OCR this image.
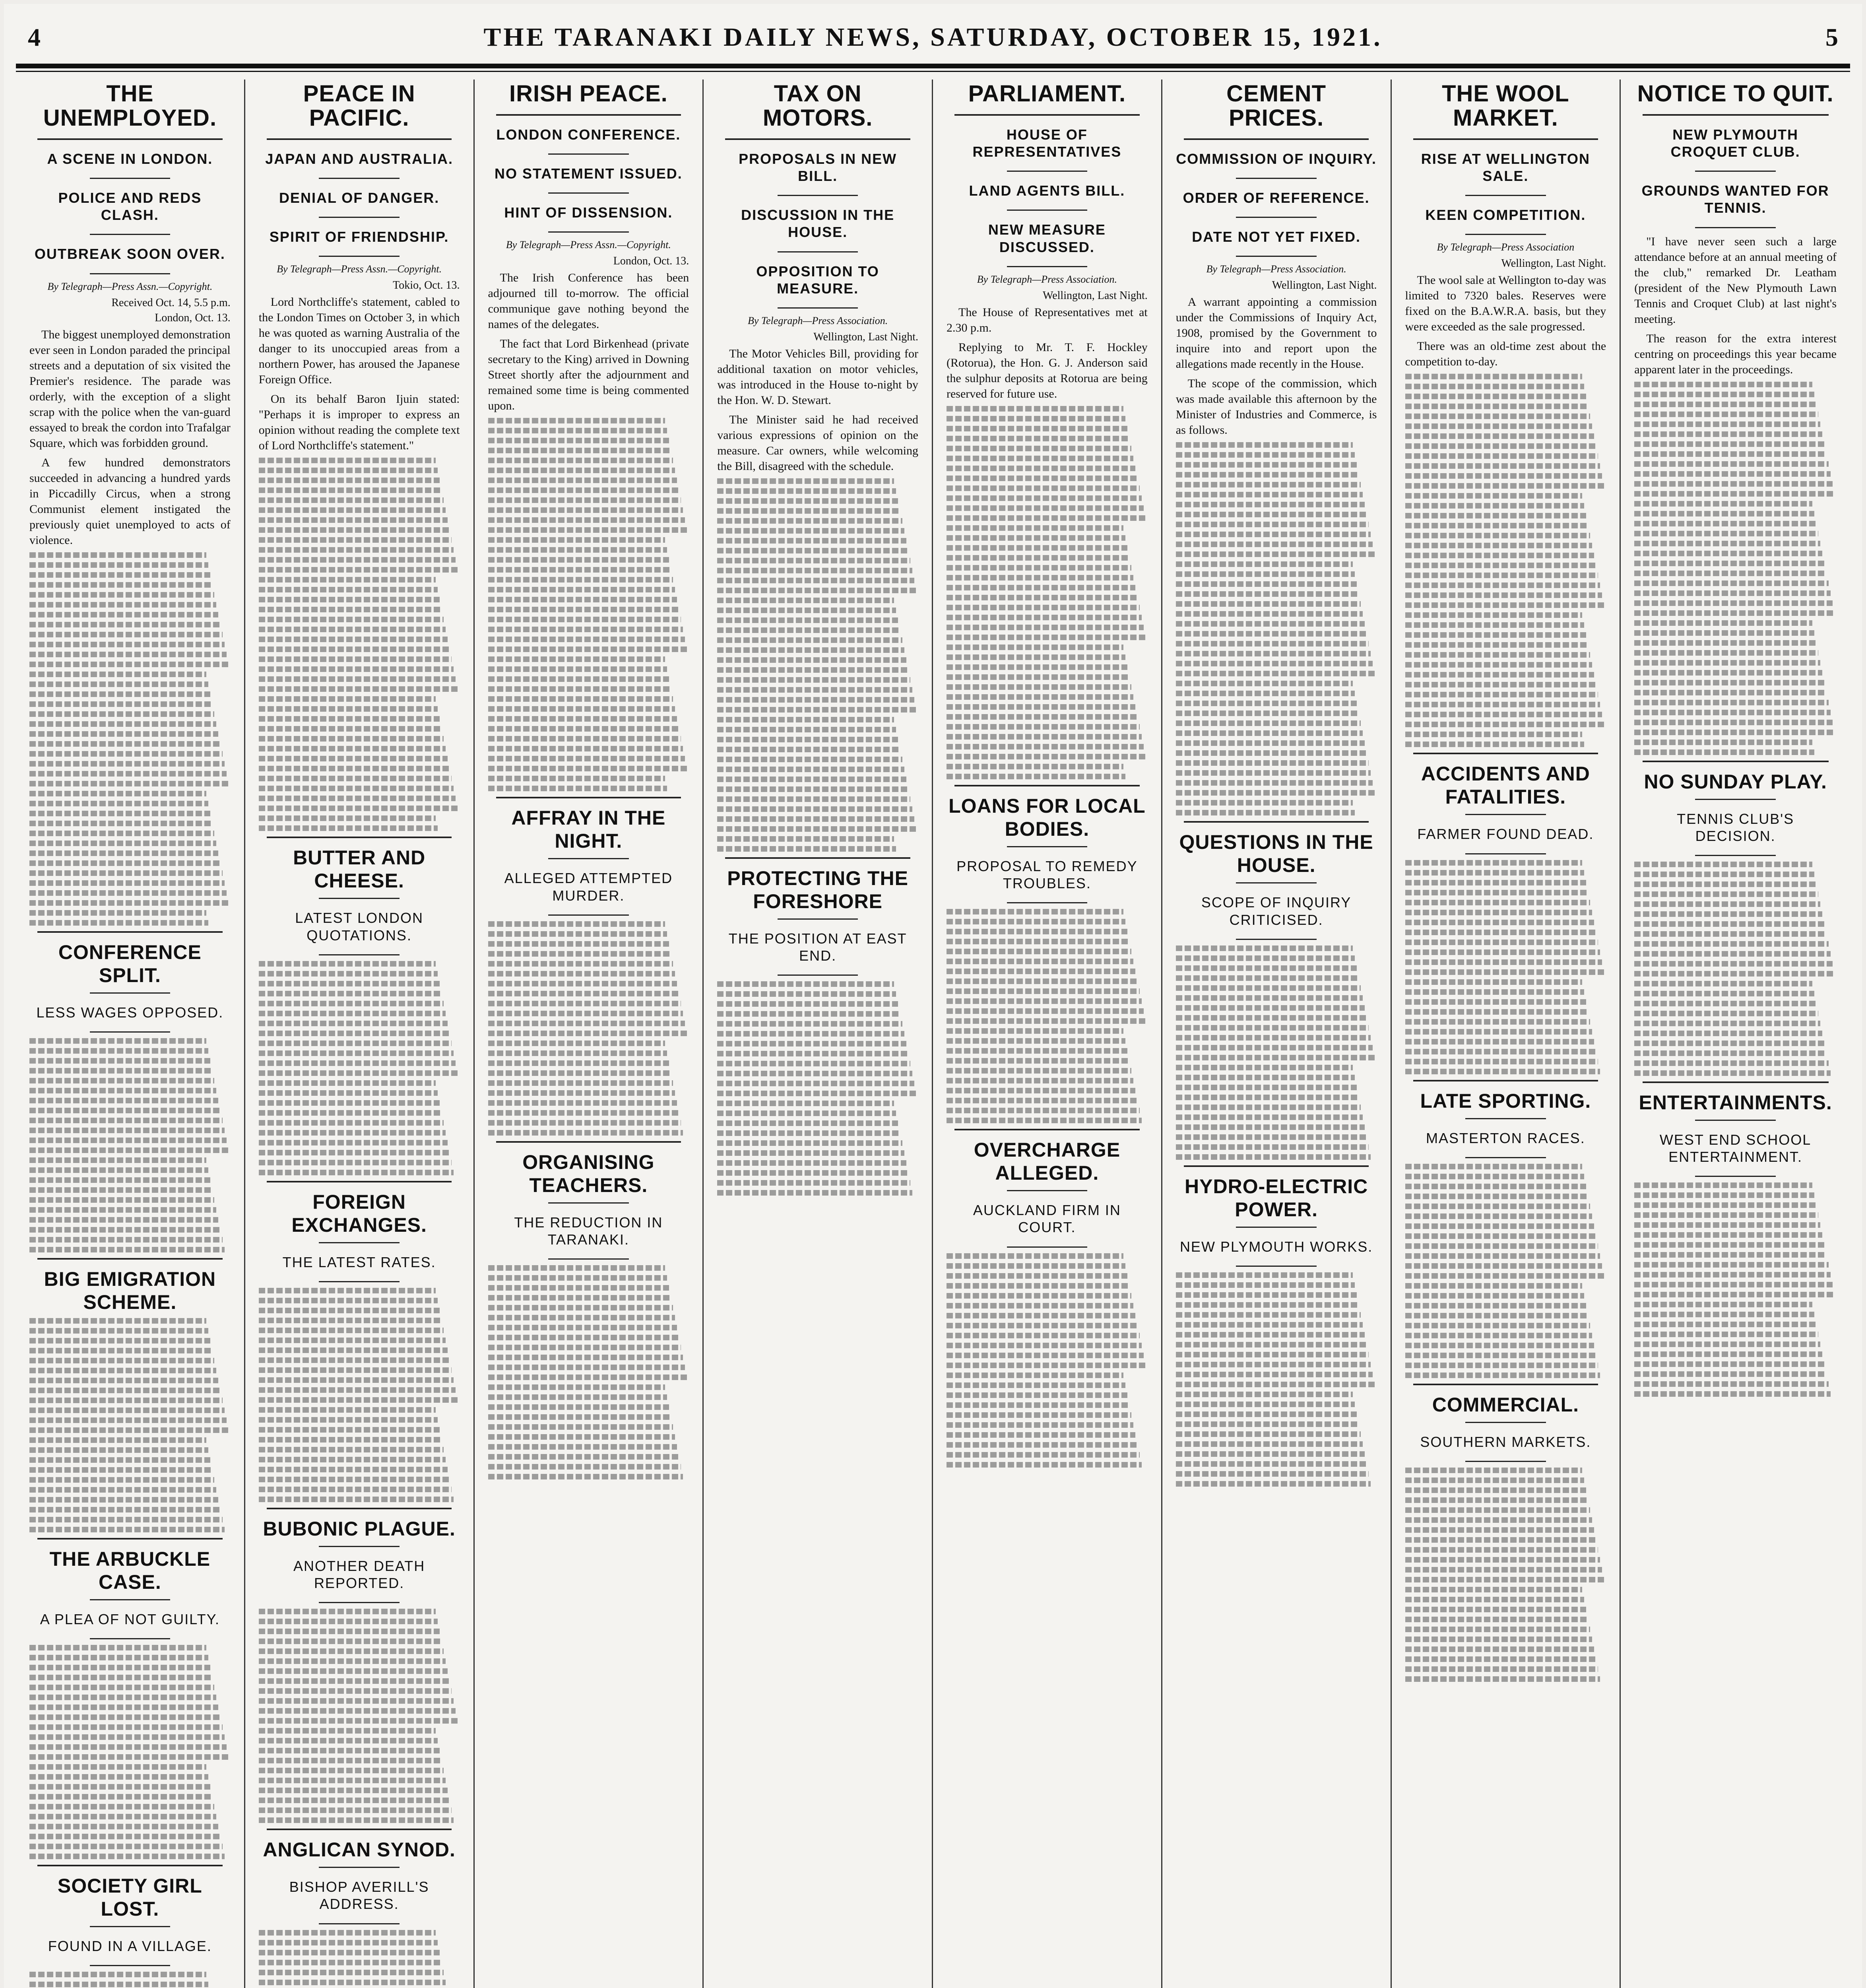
4	THE TARANAKI DAILY NEWS, SATURDAY, OCTOBER 15, 1921.	5
THE UNEMPLOYED.
A SCENE IN LONDON.
POLICE AND REDS CLASH.
OUTBREAK SOON OVER.
By Telegraph—Press Assn.—Copyright.
Received Oct. 14, 5.5 p.m.
London, Oct. 13.

The biggest unemployed demonstration ever seen in London paraded the principal streets and a deputation of six visited the Premier's residence. The parade was orderly, with the exception of a slight scrap with the police when the van-guard essayed to break the cordon into Trafalgar Square, which was forbidden ground.

A few hundred demonstrators succeeded in advancing a hundred yards in Piccadilly Circus, when a strong Communist element instigated the previously quiet unemployed to acts of violence.

CONFERENCE SPLIT.
LESS WAGES OPPOSED.
BIG EMIGRATION SCHEME.
THE ARBUCKLE CASE.
A PLEA OF NOT GUILTY.
SOCIETY GIRL LOST.
FOUND IN A VILLAGE.
PEACE IN PACIFIC.
JAPAN AND AUSTRALIA.
DENIAL OF DANGER.
SPIRIT OF FRIENDSHIP.
By Telegraph—Press Assn.—Copyright.
Tokio, Oct. 13.

Lord Northcliffe's statement, cabled to the London Times on October 3, in which he was quoted as warning Australia of the danger to its unoccupied areas from a northern Power, has aroused the Japanese Foreign Office.

On its behalf Baron Ijuin stated: "Perhaps it is improper to express an opinion without reading the complete text of Lord Northcliffe's statement."

BUTTER AND CHEESE.
LATEST LONDON QUOTATIONS.
FOREIGN EXCHANGES.
THE LATEST RATES.
BUBONIC PLAGUE.
ANOTHER DEATH REPORTED.
ANGLICAN SYNOD.
BISHOP AVERILL'S ADDRESS.
IRISH PEACE.
LONDON CONFERENCE.
NO STATEMENT ISSUED.
HINT OF DISSENSION.
By Telegraph—Press Assn.—Copyright.
London, Oct. 13.

The Irish Conference has been adjourned till to-morrow. The official communique gave nothing beyond the names of the delegates.

The fact that Lord Birkenhead (private secretary to the King) arrived in Downing Street shortly after the adjournment and remained some time is being commented upon.

AFFRAY IN THE NIGHT.
ALLEGED ATTEMPTED MURDER.
ORGANISING TEACHERS.
THE REDUCTION IN TARANAKI.
TAX ON MOTORS.
PROPOSALS IN NEW BILL.
DISCUSSION IN THE HOUSE.
OPPOSITION TO MEASURE.
By Telegraph—Press Association.
Wellington, Last Night.

The Motor Vehicles Bill, providing for additional taxation on motor vehicles, was introduced in the House to-night by the Hon. W. D. Stewart.

The Minister said he had received various expressions of opinion on the measure. Car owners, while welcoming the Bill, disagreed with the schedule.

PROTECTING THE FORESHORE
THE POSITION AT EAST END.
PARLIAMENT.
HOUSE OF REPRESENTATIVES
LAND AGENTS BILL.
NEW MEASURE DISCUSSED.
By Telegraph—Press Association.
Wellington, Last Night.

The House of Representatives met at 2.30 p.m.

Replying to Mr. T. F. Hockley (Rotorua), the Hon. G. J. Anderson said the sulphur deposits at Rotorua are being reserved for future use.

LOANS FOR LOCAL BODIES.
PROPOSAL TO REMEDY TROUBLES.
OVERCHARGE ALLEGED.
AUCKLAND FIRM IN COURT.
CEMENT PRICES.
COMMISSION OF INQUIRY.
ORDER OF REFERENCE.
DATE NOT YET FIXED.
By Telegraph—Press Association.
Wellington, Last Night.

A warrant appointing a commission under the Commissions of Inquiry Act, 1908, promised by the Government to inquire into and report upon the allegations made recently in the House.

The scope of the commission, which was made available this afternoon by the Minister of Industries and Commerce, is as follows.

QUESTIONS IN THE HOUSE.
SCOPE OF INQUIRY CRITICISED.
HYDRO-ELECTRIC POWER.
NEW PLYMOUTH WORKS.
THE WOOL MARKET.
RISE AT WELLINGTON SALE.
KEEN COMPETITION.
By Telegraph—Press Association
Wellington, Last Night.

The wool sale at Wellington to-day was limited to 7320 bales. Reserves were fixed on the B.A.W.R.A. basis, but they were exceeded as the sale progressed.

There was an old-time zest about the competition to-day.

ACCIDENTS AND FATALITIES.
FARMER FOUND DEAD.
LATE SPORTING.
MASTERTON RACES.
COMMERCIAL.
SOUTHERN MARKETS.
NOTICE TO QUIT.
NEW PLYMOUTH CROQUET CLUB.
GROUNDS WANTED FOR TENNIS.

"I have never seen such a large attendance before at an annual meeting of the club," remarked Dr. Leatham (president of the New Plymouth Lawn Tennis and Croquet Club) at last night's meeting.

The reason for the extra interest centring on proceedings this year became apparent later in the proceedings.

NO SUNDAY PLAY.
TENNIS CLUB'S DECISION.
ENTERTAINMENTS.
WEST END SCHOOL ENTERTAINMENT.
